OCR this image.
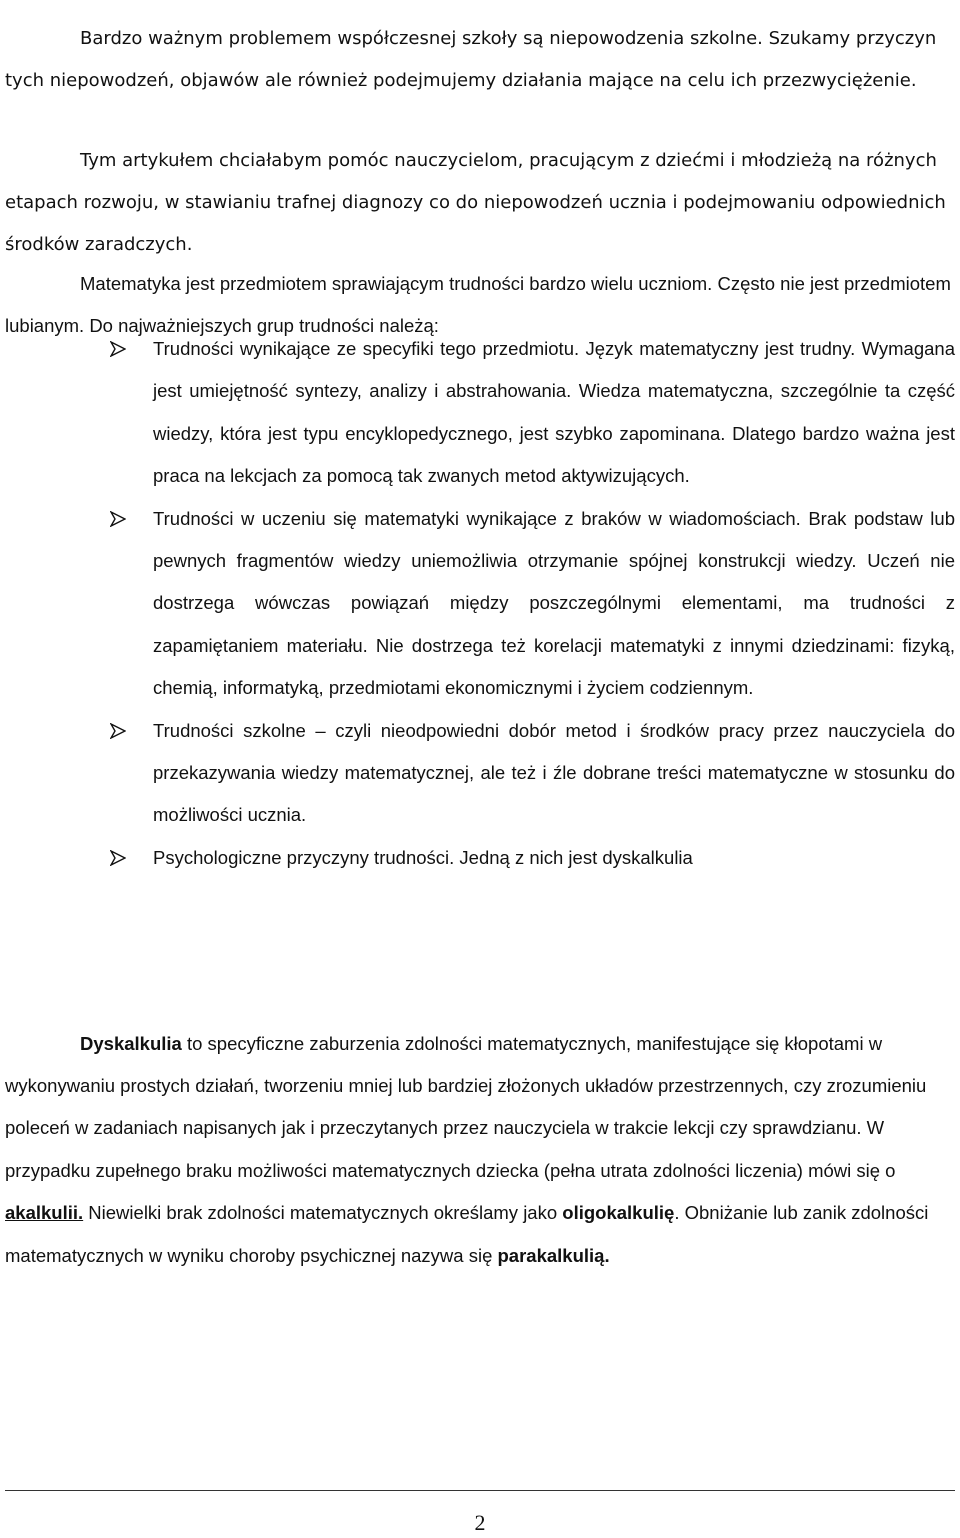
Bardzo ważnym problemem współczesnej szkoły są niepowodzenia szkolne. Szukamy przyczyn tych niepowodzeń, objawów ale również podejmujemy działania mające na celu ich przezwyciężenie.

Tym artykułem chciałabym pomóc nauczycielom, pracującym z dziećmi i młodzieżą na różnych etapach rozwoju, w stawianiu trafnej diagnozy co do niepowodzeń ucznia i podejmowaniu odpowiednich środków zaradczych.

Matematyka jest przedmiotem sprawiającym trudności bardzo wielu uczniom. Często nie jest przedmiotem lubianym. Do najważniejszych grup trudności należą:

Trudności wynikające ze specyfiki tego przedmiotu. Język matematyczny jest trudny. Wymagana jest umiejętność syntezy, analizy i abstrahowania. Wiedza matematyczna, szczególnie ta część wiedzy, która jest typu encyklopedycznego, jest szybko zapominana. Dlatego bardzo ważna jest praca na lekcjach za pomocą tak zwanych metod aktywizujących.
Trudności w uczeniu się matematyki wynikające z braków w wiadomościach. Brak podstaw lub pewnych fragmentów wiedzy uniemożliwia otrzymanie spójnej konstrukcji wiedzy. Uczeń nie dostrzega wówczas powiązań między poszczególnymi elementami, ma trudności z zapamiętaniem materiału. Nie dostrzega też korelacji matematyki z innymi dziedzinami: fizyką, chemią, informatyką, przedmiotami ekonomicznymi i życiem codziennym.
Trudności szkolne – czyli nieodpowiedni dobór metod i środków pracy przez nauczyciela do przekazywania wiedzy matematycznej, ale też i źle dobrane treści matematyczne w stosunku do możliwości ucznia.
Psychologiczne przyczyny trudności. Jedną z nich jest dyskalkulia

Dyskalkulia to specyficzne zaburzenia zdolności matematycznych, manifestujące się kłopotami w wykonywaniu prostych działań, tworzeniu mniej lub bardziej złożonych układów przestrzennych, czy zrozumieniu poleceń w zadaniach napisanych jak i przeczytanych przez nauczyciela w trakcie lekcji czy sprawdzianu. W przypadku zupełnego braku możliwości matematycznych dziecka (pełna utrata zdolności liczenia) mówi się o akalkulii. Niewielki brak zdolności matematycznych określamy jako oligokalkulię. Obniżanie lub zanik zdolności matematycznych w wyniku choroby psychicznej nazywa się parakalkulią.

2
